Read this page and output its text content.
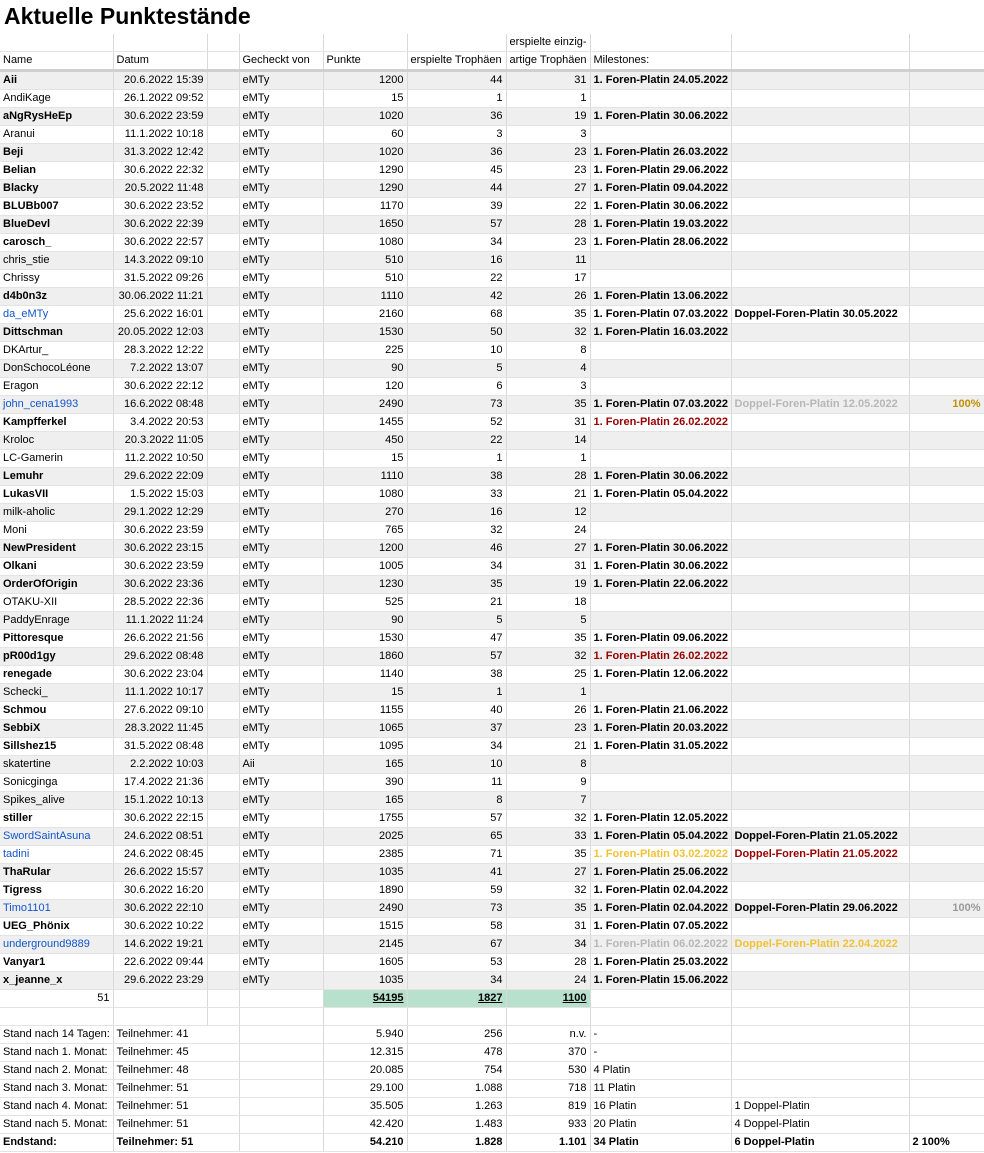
Aktuelle Punktestände
						erspielte einzig-			
Name	Datum		Gecheckt von	Punkte	erspielte Trophäen	artige Trophäen	Milestones:		
Aii	20.6.2022 15:39		eMTy	1200	44	31	1. Foren-Platin 24.05.2022		
AndiKage	26.1.2022 09:52		eMTy	15	1	1			
aNgRysHeEp	30.6.2022 23:59		eMTy	1020	36	19	1. Foren-Platin 30.06.2022		
Aranui	11.1.2022 10:18		eMTy	60	3	3			
Beji	31.3.2022 12:42		eMTy	1020	36	23	1. Foren-Platin 26.03.2022		
Belian	30.6.2022 22:32		eMTy	1290	45	23	1. Foren-Platin 29.06.2022		
Blacky	20.5.2022 11:48		eMTy	1290	44	27	1. Foren-Platin 09.04.2022		
BLUBb007	30.6.2022 23:52		eMTy	1170	39	22	1. Foren-Platin 30.06.2022		
BlueDevl	30.6.2022 22:39		eMTy	1650	57	28	1. Foren-Platin 19.03.2022		
carosch_	30.6.2022 22:57		eMTy	1080	34	23	1. Foren-Platin 28.06.2022		
chris_stie	14.3.2022 09:10		eMTy	510	16	11			
Chrissy	31.5.2022 09:26		eMTy	510	22	17			
d4b0n3z	30.06.2022 11:21		eMTy	1110	42	26	1. Foren-Platin 13.06.2022		
da_eMTy	25.6.2022 16:01		eMTy	2160	68	35	1. Foren-Platin 07.03.2022	Doppel-Foren-Platin 30.05.2022	
Dittschman	20.05.2022 12:03		eMTy	1530	50	32	1. Foren-Platin 16.03.2022		
DKArtur_	28.3.2022 12:22		eMTy	225	10	8			
DonSchocoLéone	7.2.2022 13:07		eMTy	90	5	4			
Eragon	30.6.2022 22:12		eMTy	120	6	3			
john_cena1993	16.6.2022 08:48		eMTy	2490	73	35	1. Foren-Platin 07.03.2022	Doppel-Foren-Platin 12.05.2022	100%
Kampfferkel	3.4.2022 20:53		eMTy	1455	52	31	1. Foren-Platin 26.02.2022		
Kroloc	20.3.2022 11:05		eMTy	450	22	14			
LC-Gamerin	11.2.2022 10:50		eMTy	15	1	1			
Lemuhr	29.6.2022 22:09		eMTy	1110	38	28	1. Foren-Platin 30.06.2022		
LukasVII	1.5.2022 15:03		eMTy	1080	33	21	1. Foren-Platin 05.04.2022		
milk-aholic	29.1.2022 12:29		eMTy	270	16	12			
Moni	30.6.2022 23:59		eMTy	765	32	24			
NewPresident	30.6.2022 23:15		eMTy	1200	46	27	1. Foren-Platin 30.06.2022		
Olkani	30.6.2022 23:59		eMTy	1005	34	31	1. Foren-Platin 30.06.2022		
OrderOfOrigin	30.6.2022 23:36		eMTy	1230	35	19	1. Foren-Platin 22.06.2022		
OTAKU-XII	28.5.2022 22:36		eMTy	525	21	18			
PaddyEnrage	11.1.2022 11:24		eMTy	90	5	5			
Pittoresque	26.6.2022 21:56		eMTy	1530	47	35	1. Foren-Platin 09.06.2022		
pR00d1gy	29.6.2022 08:48		eMTy	1860	57	32	1. Foren-Platin 26.02.2022		
renegade	30.6.2022 23:04		eMTy	1140	38	25	1. Foren-Platin 12.06.2022		
Schecki_	11.1.2022 10:17		eMTy	15	1	1			
Schmou	27.6.2022 09:10		eMTy	1155	40	26	1. Foren-Platin 21.06.2022		
SebbiX	28.3.2022 11:45		eMTy	1065	37	23	1. Foren-Platin 20.03.2022		
Sillshez15	31.5.2022 08:48		eMTy	1095	34	21	1. Foren-Platin 31.05.2022		
skatertine	2.2.2022 10:03		Aii	165	10	8			
Sonicginga	17.4.2022 21:36		eMTy	390	11	9			
Spikes_alive	15.1.2022 10:13		eMTy	165	8	7			
stiller	30.6.2022 22:15		eMTy	1755	57	32	1. Foren-Platin 12.05.2022		
SwordSaintAsuna	24.6.2022 08:51		eMTy	2025	65	33	1. Foren-Platin 05.04.2022	Doppel-Foren-Platin 21.05.2022	
tadini	24.6.2022 08:45		eMTy	2385	71	35	1. Foren-Platin 03.02.2022	Doppel-Foren-Platin 21.05.2022	
ThaRular	26.6.2022 15:57		eMTy	1035	41	27	1. Foren-Platin 25.06.2022		
Tigress	30.6.2022 16:20		eMTy	1890	59	32	1. Foren-Platin 02.04.2022		
Timo1101	30.6.2022 22:10		eMTy	2490	73	35	1. Foren-Platin 02.04.2022	Doppel-Foren-Platin 29.06.2022	100%
UEG_Phönix	30.6.2022 10:22		eMTy	1515	58	31	1. Foren-Platin 07.05.2022		
underground9889	14.6.2022 19:21		eMTy	2145	67	34	1. Foren-Platin 06.02.2022	Doppel-Foren-Platin 22.04.2022	
Vanyar1	22.6.2022 09:44		eMTy	1605	53	28	1. Foren-Platin 25.03.2022		
x_jeanne_x	29.6.2022 23:29		eMTy	1035	34	24	1. Foren-Platin 15.06.2022		
51				54195	1827	1100			

Stand nach 14 Tagen:	Teilnehmer: 41			5.940	256	n.v.	-		
Stand nach 1. Monat:	Teilnehmer: 45			12.315	478	370	-		
Stand nach 2. Monat:	Teilnehmer: 48			20.085	754	530	4 Platin		
Stand nach 3. Monat:	Teilnehmer: 51			29.100	1.088	718	11 Platin		
Stand nach 4. Monat:	Teilnehmer: 51			35.505	1.263	819	16 Platin	1 Doppel-Platin	
Stand nach 5. Monat:	Teilnehmer: 51			42.420	1.483	933	20 Platin	4 Doppel-Platin	
Endstand:	Teilnehmer: 51			54.210	1.828	1.101	34 Platin	6 Doppel-Platin	2 100%
